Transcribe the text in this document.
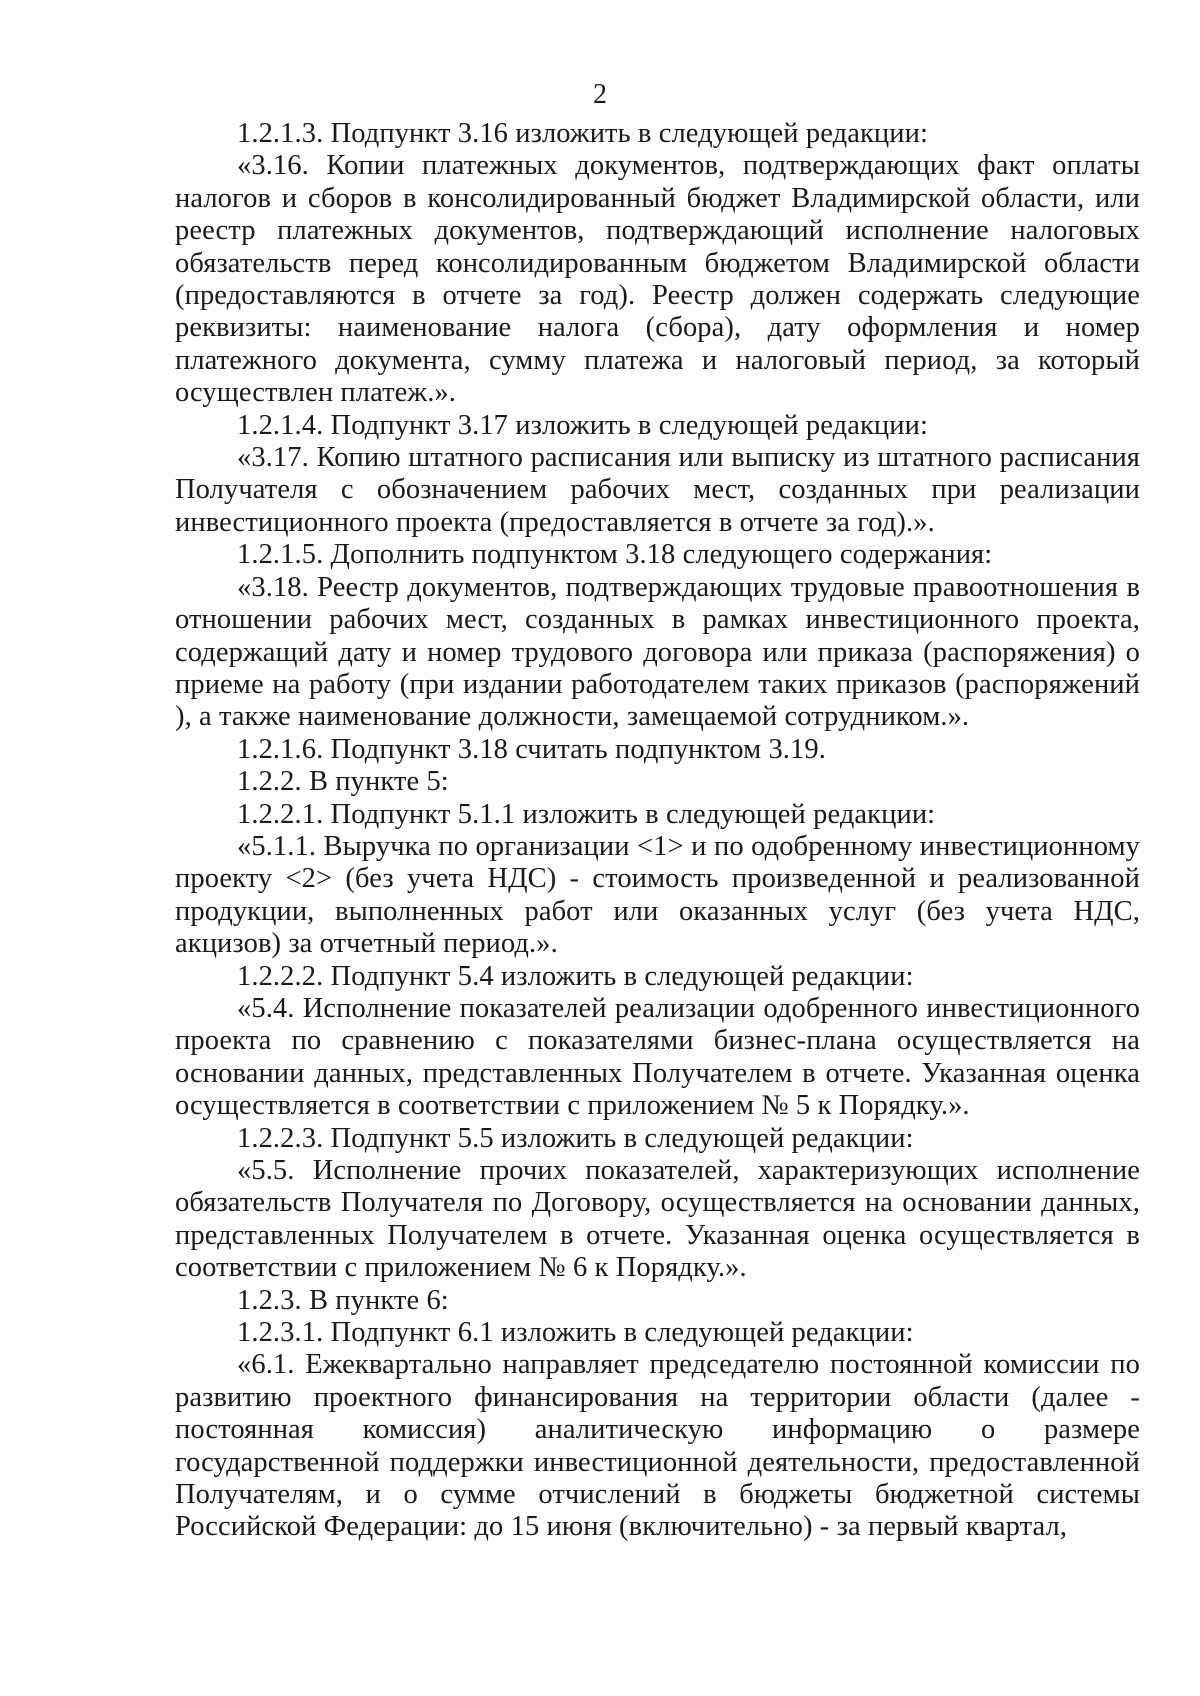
2

1.2.1.3. Подпункт 3.16 изложить в следующей редакции:

«3.16. Копии платежных документов, подтверждающих факт оплаты налогов и сборов в консолидированный бюджет Владимирской области, или реестр платежных документов, подтверждающий исполнение налоговых обязательств перед консолидированным бюджетом Владимирской области (предоставляются в отчете за год). Реестр должен содержать следующие реквизиты: наименование налога (сбора), дату оформления и номер платежного документа, сумму платежа и налоговый период, за который осуществлен платеж.».

1.2.1.4. Подпункт 3.17 изложить в следующей редакции:

«3.17. Копию штатного расписания или выписку из штатного расписания Получателя с обозначением рабочих мест, созданных при реализации инвестиционного проекта (предоставляется в отчете за год).».

1.2.1.5. Дополнить подпунктом 3.18 следующего содержания:

«3.18. Реестр документов, подтверждающих трудовые правоотношения в отношении рабочих мест, созданных в рамках инвестиционного проекта, содержащий дату и номер трудового договора или приказа (распоряжения) о приеме на работу (при издании работодателем таких приказов (распоряжений ), а также наименование должности, замещаемой сотрудником.».

1.2.1.6. Подпункт 3.18 считать подпунктом 3.19.

1.2.2. В пункте 5:

1.2.2.1. Подпункт 5.1.1 изложить в следующей редакции:

«5.1.1. Выручка по организации <1> и по одобренному инвестиционному проекту <2> (без учета НДС) - стоимость произведенной и реализованной продукции, выполненных работ или оказанных услуг (без учета НДС, акцизов) за отчетный период.».

1.2.2.2. Подпункт 5.4 изложить в следующей редакции:

«5.4. Исполнение показателей реализации одобренного инвестиционного проекта по сравнению с показателями бизнес-плана осуществляется на основании данных, представленных Получателем в отчете. Указанная оценка осуществляется в соответствии с приложением № 5 к Порядку.».

1.2.2.3. Подпункт 5.5 изложить в следующей редакции:

«5.5. Исполнение прочих показателей, характеризующих исполнение обязательств Получателя по Договору, осуществляется на основании данных, представленных Получателем в отчете. Указанная оценка осуществляется в соответствии с приложением № 6 к Порядку.».

1.2.3. В пункте 6:

1.2.3.1. Подпункт 6.1 изложить в следующей редакции:

«6.1. Ежеквартально направляет председателю постоянной комиссии по развитию проектного финансирования на территории области (далее - постоянная комиссия) аналитическую информацию о размере государственной поддержки инвестиционной деятельности, предоставленной Получателям, и о сумме отчислений в бюджеты бюджетной системы Российской Федерации: до 15 июня (включительно) - за первый квартал,
